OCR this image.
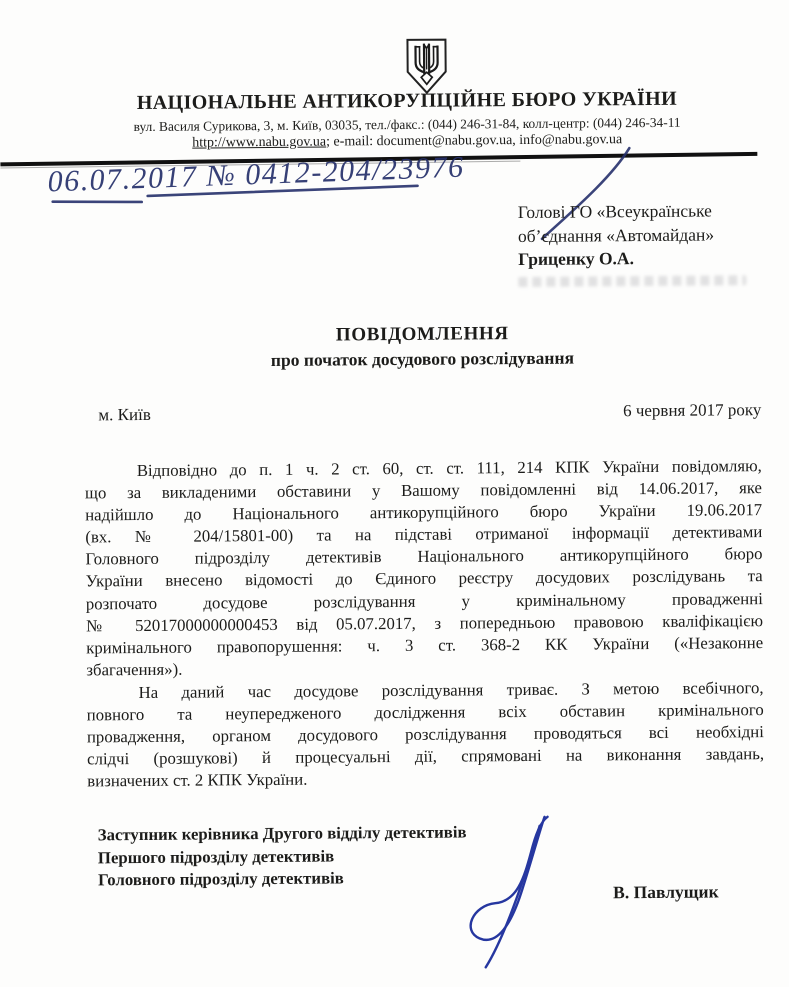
НАЦІОНАЛЬНЕ АНТИКОРУПЦІЙНЕ БЮРО УКРАЇНИ
вул. Василя Сурикова, 3, м. Київ, 03035, тел./факс.: (044) 246-31-84, колл-центр: (044) 246-34-11
http://www.nabu.gov.ua; e-mail: document@nabu.gov.ua, info@nabu.gov.ua
06.07.2017 № 0412-204/23976
Голові ГО «Всеукраїнське
об’єднання «Автомайдан»
Гриценку О.А.
ПОВІДОМЛЕННЯ
про початок досудового розслідування
м. Київ	6 червня 2017 року
Відповідно до п. 1 ч. 2 ст. 60, ст. ст. 111, 214 КПК України повідомляю,
що за викладеними обставини у Вашому повідомленні від 14.06.2017, яке
надійшло до Національного антикорупційного бюро України 19.06.2017
(вх. № 204/15801-00) та на підставі отриманої інформації детективами
Головного підрозділу детективів Національного антикорупційного бюро
України внесено відомості до Єдиного реєстру досудових розслідувань та
розпочато досудове розслідування у кримінальному провадженні
№ 52017000000000453 від 05.07.2017, з попередньою правовою кваліфікацією
кримінального правопорушення: ч. 3 ст. 368-2 КК України («Незаконне
збагачення»).
На даний час досудове розслідування триває. З метою всебічного,
повного та неупередженого дослідження всіх обставин кримінального
провадження, органом досудового розслідування проводяться всі необхідні
слідчі (розшукові) й процесуальні дії, спрямовані на виконання завдань,
визначених ст. 2 КПК України.
Заступник керівника Другого відділу детективів
Першого підрозділу детективів
Головного підрозділу детективів
В. Павлущик
